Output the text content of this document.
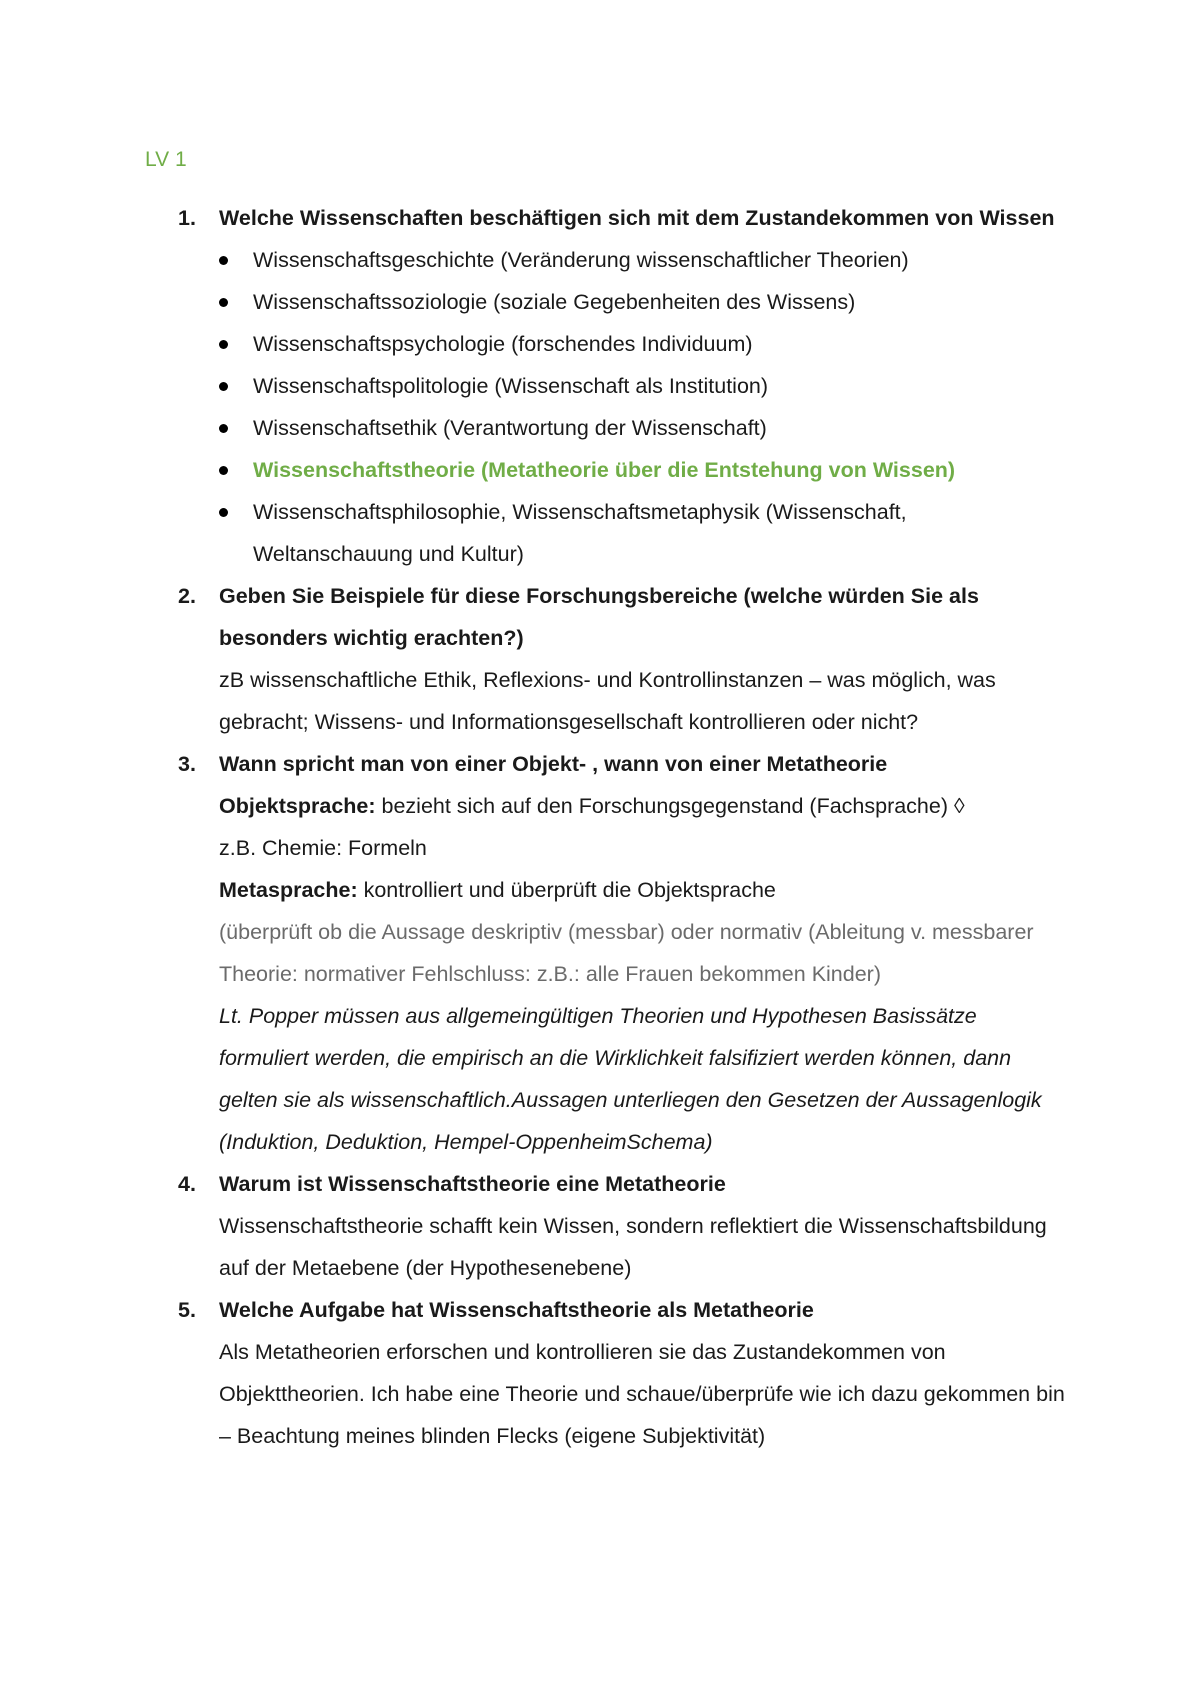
LV 1
1. Welche Wissenschaften beschäftigen sich mit dem Zustandekommen von Wissen
Wissenschaftsgeschichte (Veränderung wissenschaftlicher Theorien)
Wissenschaftssoziologie (soziale Gegebenheiten des Wissens)
Wissenschaftspsychologie (forschendes Individuum)
Wissenschaftspolitologie (Wissenschaft als Institution)
Wissenschaftsethik (Verantwortung der Wissenschaft)
Wissenschaftstheorie (Metatheorie über die Entstehung von Wissen)
Wissenschaftsphilosophie, Wissenschaftsmetaphysik (Wissenschaft, Weltanschauung und Kultur)
2. Geben Sie Beispiele für diese Forschungsbereiche (welche würden Sie als besonders wichtig erachten?)
zB wissenschaftliche Ethik, Reflexions- und Kontrollinstanzen – was möglich, was gebracht; Wissens- und Informationsgesellschaft kontrollieren oder nicht?
3. Wann spricht man von einer Objekt- , wann von einer Metatheorie
Objektsprache: bezieht sich auf den Forschungsgegenstand (Fachsprache) ◊
z.B. Chemie: Formeln
Metasprache: kontrolliert und überprüft die Objektsprache
(überprüft ob die Aussage deskriptiv (messbar) oder normativ (Ableitung v. messbarer Theorie: normativer Fehlschluss: z.B.: alle Frauen bekommen Kinder)
Lt. Popper müssen aus allgemeingültigen Theorien und Hypothesen Basissätze formuliert werden, die empirisch an die Wirklichkeit falsifiziert werden können, dann gelten sie als wissenschaftlich.Aussagen unterliegen den Gesetzen der Aussagenlogik (Induktion, Deduktion, Hempel-OppenheimSchema)
4. Warum ist Wissenschaftstheorie eine Metatheorie
Wissenschaftstheorie schafft kein Wissen, sondern reflektiert die Wissenschaftsbildung auf der Metaebene (der Hypothesenebene)
5. Welche Aufgabe hat Wissenschaftstheorie als Metatheorie
Als Metatheorien erforschen und kontrollieren sie das Zustandekommen von Objekttheorien. Ich habe eine Theorie und schaue/überprüfe wie ich dazu gekommen bin – Beachtung meines blinden Flecks (eigene Subjektivität)
